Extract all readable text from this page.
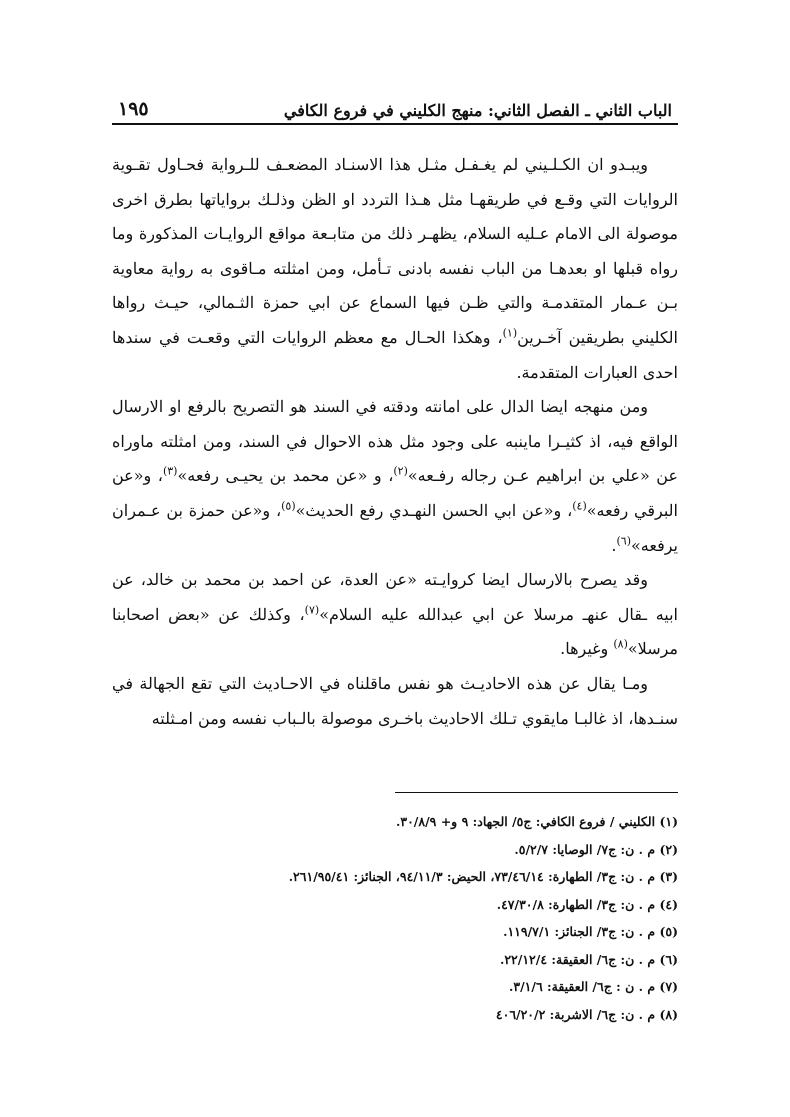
الباب الثاني ـ الفصل الثاني: منهج الكليني في فروع الكافي
١٩٥

ويبـدو ان الكـلـيني لم يغـفـل مثـل هذا الاسنـاد المضعـف للـرواية فحـاول تقـوية الروايات التي وقـع في طريقهـا مثل هـذا التردد او الظن وذلـك برواياتها بطرق اخرى موصولة الى الامام عـليه السلام، يظهـر ذلك من متابـعة مواقع الروايـات المذكورة وما رواه قبلها او بعدهـا من الباب نفسه بادنى تـأمل، ومن امثلته مـاقوى به رواية معاوية بـن عـمار المتقدمـة والتي ظـن فيها السماع عن ابي حمزة الثـمالي، حيـث رواها الكليني بطريقين آخـرين$^{(١)}$، وهكذا الحـال مع معظم الروايات التي وقعـت في سندها احدى العبارات المتقدمة.

ومن منهجه ايضا الدال على امانته ودقته في السند هو التصريح بالرفع او الارسال الواقع فيه، اذ كثيـرا ماينبه على وجود مثل هذه الاحوال في السند، ومن امثلته ماوراه عن «علي بن ابراهيم عـن رجاله رفـعه»$^{(٢)}$، و «عن محمد بن يحيـى رفعه»$^{(٣)}$، و«عن البرقي رفعه»$^{(٤)}$، و«عن ابي الحسن النهـدي رفع الحديث»$^{(٥)}$، و«عن حمزة بن عـمران يرفعه»$^{(٦)}$.

وقد يصرح بالارسال ايضا كروايـته «عن العدة، عن احمد بن محمد بن خالد، عن ابيه ـقال عنهـ مرسلا عن ابي عبدالله عليه السلام»$^{(٧)}$، وكذلك عن «بعض اصحابنا مرسلا»$^{(٨)}$ وغيرها.

ومـا يقال عن هذه الاحاديـث هو نفس ماقلناه في الاحـاديث التي تقع الجهالة في سنـدها، اذ غالبـا مايقوي تـلك الاحاديث باخـرى موصولة بالـباب نفسه ومن امـثلته

(١) الكليني / فروع الكافي: ج٥/ الجهاد: ٩ و+ ٣٠/٨/٩.
(٢) م . ن: ج٧/ الوصايا: ٥/٢/٧.
(٣) م . ن: ج٣/ الطهارة: ٧٣/٤٦/١٤، الحيض: ٩٤/١١/٣، الجنائز: ٢٦١/٩٥/٤١.
(٤) م . ن: ج٣/ الطهارة: ٤٧/٣٠/٨.
(٥) م . ن: ج٣/ الجنائز: ١١٩/٧/١.
(٦) م . ن: ج٦/ العقيقة: ٢٢/١٢/٤.
(٧) م . ن : ج٦/ العقيقة: ٣/١/٦.
(٨) م . ن: ج٦/ الاشربة: ٤٠٦/٢٠/٢
